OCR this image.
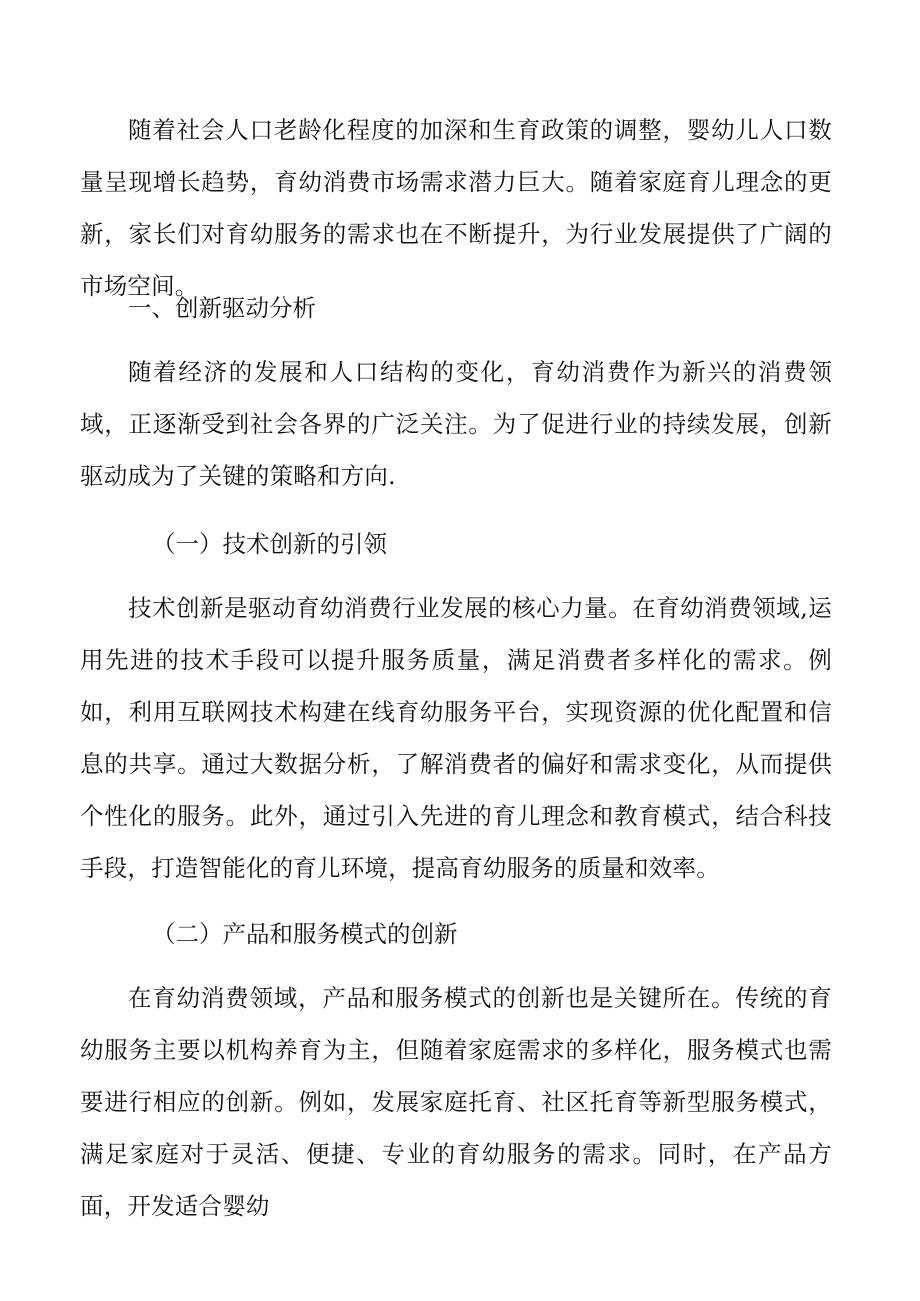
随着社会人口老龄化程度的加深和生育政策的调整，婴幼儿人口数量呈现增长趋势，育幼消费市场需求潜力巨大。随着家庭育儿理念的更新，家长们对育幼服务的需求也在不断提升，为行业发展提供了广阔的市场空间。

一、创新驱动分析

随着经济的发展和人口结构的变化，育幼消费作为新兴的消费领域，正逐渐受到社会各界的广泛关注。为了促进行业的持续发展，创新驱动成为了关键的策略和方向.

（一）技术创新的引领

技术创新是驱动育幼消费行业发展的核心力量。在育幼消费领域,运用先进的技术手段可以提升服务质量，满足消费者多样化的需求。例如，利用互联网技术构建在线育幼服务平台，实现资源的优化配置和信息的共享。通过大数据分析，了解消费者的偏好和需求变化，从而提供个性化的服务。此外，通过引入先进的育儿理念和教育模式，结合科技手段，打造智能化的育儿环境，提高育幼服务的质量和效率。

（二）产品和服务模式的创新

在育幼消费领域，产品和服务模式的创新也是关键所在。传统的育幼服务主要以机构养育为主，但随着家庭需求的多样化，服务模式也需要进行相应的创新。例如，发展家庭托育、社区托育等新型服务模式，满足家庭对于灵活、便捷、专业的育幼服务的需求。同时，在产品方面，开发适合婴幼
